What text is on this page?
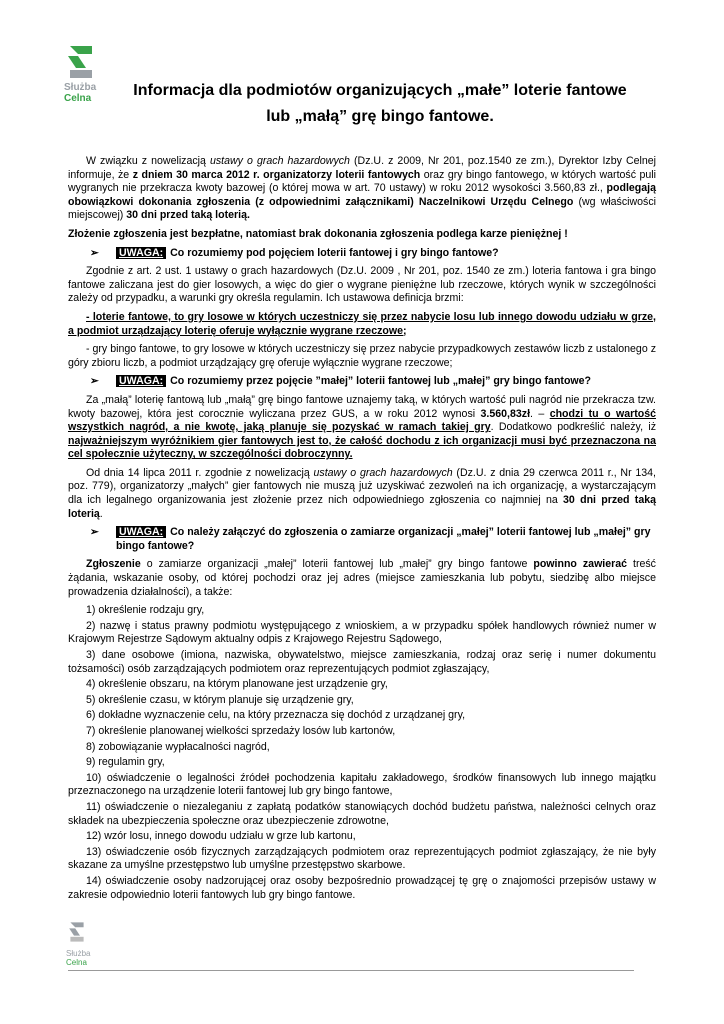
Służba
Celna	Informacja dla podmiotów organizujących „małe” loterie fantowe
lub „małą” grę bingo fantowe.

W związku z nowelizacją ustawy o grach hazardowych (Dz.U. z 2009, Nr 201, poz.1540 ze zm.), Dyrektor Izby Celnej informuje, że z dniem 30 marca 2012 r. organizatorzy loterii fantowych oraz gry bingo fantowego, w których wartość puli wygranych nie przekracza kwoty bazowej (o której mowa w art. 70 ustawy) w roku 2012 wysokości 3.560,83 zł., podlegają obowiązkowi dokonania zgłoszenia (z odpowiednimi załącznikami) Naczelnikowi Urzędu Celnego (wg właściwości miejscowej) 30 dni przed taką loterią.

Złożenie zgłoszenia jest bezpłatne, natomiast brak dokonania zgłoszenia podlega karze pieniężnej !

➢	UWAGA: Co rozumiemy pod pojęciem loterii fantowej i gry bingo fantowe?

Zgodnie z art. 2 ust. 1 ustawy o grach hazardowych (Dz.U. 2009 , Nr 201, poz. 1540 ze zm.) loteria fantowa i gra bingo fantowe zaliczana jest do gier losowych, a więc do gier o wygrane pieniężne lub rzeczowe, których wynik w szczególności zależy od przypadku, a warunki gry określa regulamin. Ich ustawowa definicja brzmi:

- loterie fantowe, to gry losowe w których uczestniczy się przez nabycie losu lub innego dowodu udziału w grze, a podmiot urządzający loterię oferuje wyłącznie wygrane rzeczowe;

- gry bingo fantowe, to gry losowe w których uczestniczy się przez nabycie przypadkowych zestawów liczb z ustalonego z góry zbioru liczb, a podmiot urządzający grę oferuje wyłącznie wygrane rzeczowe;

➢	UWAGA: Co rozumiemy przez pojęcie ”małej” loterii fantowej lub „małej” gry bingo fantowe?

Za „małą” loterię fantową lub „małą” grę bingo fantowe uznajemy taką, w których wartość puli nagród nie przekracza tzw. kwoty bazowej, która jest corocznie wyliczana przez GUS, a w roku 2012 wynosi 3.560,83zł. – chodzi tu o wartość wszystkich nagród, a nie kwotę, jaką planuje się pozyskać w ramach takiej gry. Dodatkowo podkreślić należy, iż najważniejszym wyróżnikiem gier fantowych jest to, że całość dochodu z ich organizacji musi być przeznaczona na cel społecznie użyteczny, w szczególności dobroczynny.

Od dnia 14 lipca 2011 r. zgodnie z nowelizacją ustawy o grach hazardowych (Dz.U. z dnia 29 czerwca 2011 r., Nr 134, poz. 779), organizatorzy „małych” gier fantowych nie muszą już uzyskiwać zezwoleń na ich organizację, a wystarczającym dla ich legalnego organizowania jest złożenie przez nich odpowiedniego zgłoszenia co najmniej na 30 dni przed taką loterią.

➢	UWAGA: Co należy załączyć do zgłoszenia o zamiarze organizacji „małej” loterii fantowej lub „małej” gry bingo fantowe?

Zgłoszenie o zamiarze organizacji „małej” loterii fantowej lub „małej” gry bingo fantowe powinno zawierać treść żądania, wskazanie osoby, od której pochodzi oraz jej adres (miejsce zamieszkania lub pobytu, siedzibę albo miejsce prowadzenia działalności), a także:

1) określenie rodzaju gry,

2) nazwę i status prawny podmiotu występującego z wnioskiem, a w przypadku spółek handlowych również numer w Krajowym Rejestrze Sądowym aktualny odpis z Krajowego Rejestru Sądowego,

3) dane osobowe (imiona, nazwiska, obywatelstwo, miejsce zamieszkania, rodzaj oraz serię i numer dokumentu tożsamości) osób zarządzających podmiotem oraz reprezentujących podmiot zgłaszający,

4) określenie obszaru, na którym planowane jest urządzenie gry,

5) określenie czasu, w którym planuje się urządzenie gry,

6) dokładne wyznaczenie celu, na który przeznacza się dochód z urządzanej gry,

7) określenie planowanej wielkości sprzedaży losów lub kartonów,

8) zobowiązanie wypłacalności nagród,

9) regulamin gry,

10) oświadczenie o legalności źródeł pochodzenia kapitału zakładowego, środków finansowych lub innego majątku przeznaczonego na urządzenie loterii fantowej lub gry bingo fantowe,

11) oświadczenie o niezaleganiu z zapłatą podatków stanowiących dochód budżetu państwa, należności celnych oraz składek na ubezpieczenia społeczne oraz ubezpieczenie zdrowotne,

12) wzór losu, innego dowodu udziału w grze lub kartonu,

13) oświadczenie osób fizycznych zarządzających podmiotem oraz reprezentujących podmiot zgłaszający, że nie były skazane za umyślne przestępstwo lub umyślne przestępstwo skarbowe.

14) oświadczenie osoby nadzorującej oraz osoby bezpośrednio prowadzącej tę grę o znajomości przepisów ustawy w zakresie odpowiednio loterii fantowych lub gry bingo fantowe.

Służba
Celna
